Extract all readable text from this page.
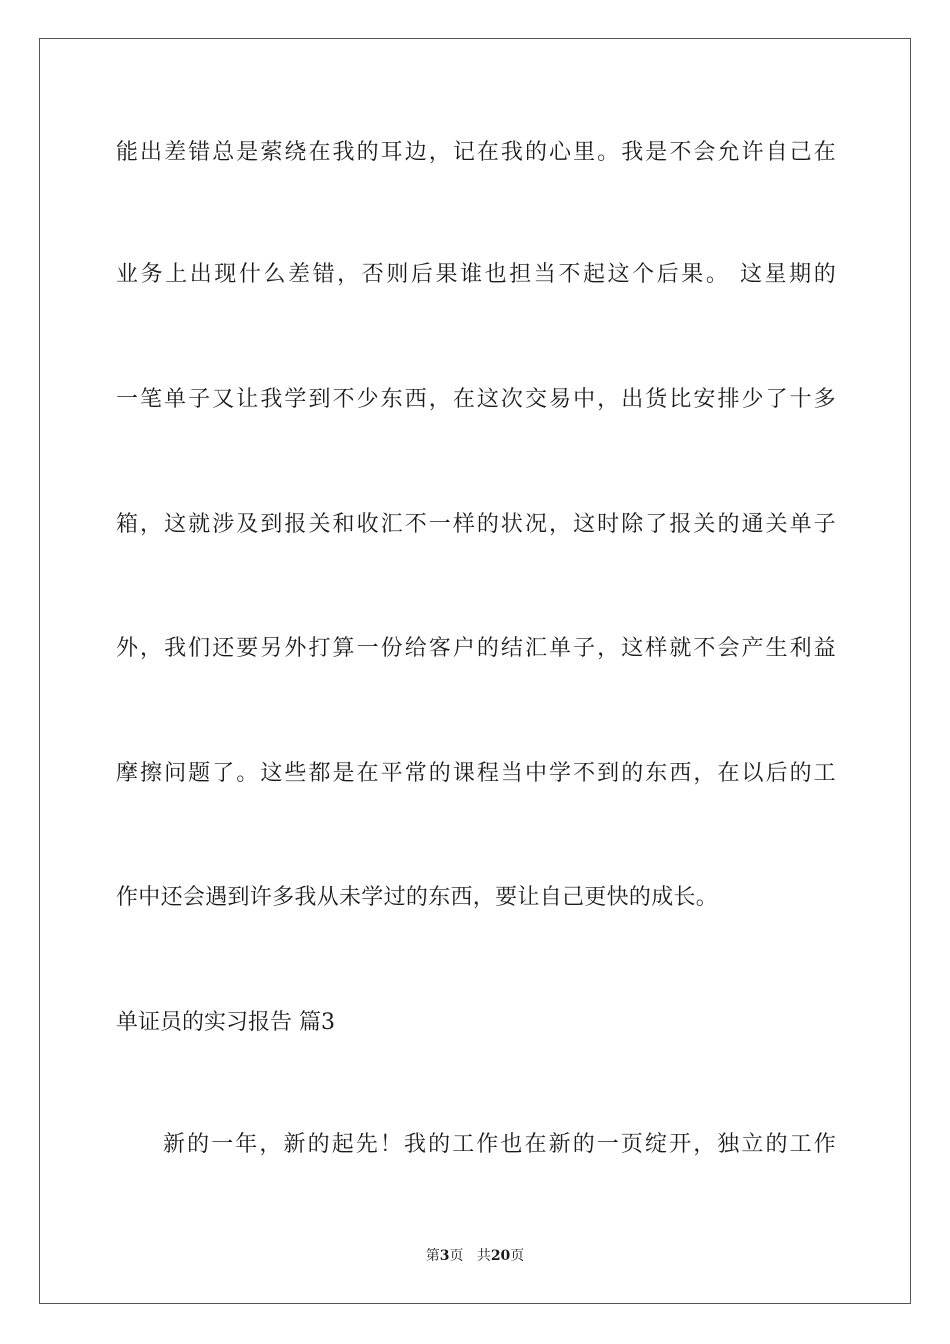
能出差错总是萦绕在我的耳边，记在我的心里。我是不会允许自己在
业务上出现什么差错，否则后果谁也担当不起这个后果。 这星期的
一笔单子又让我学到不少东西，在这次交易中，出货比安排少了十多
箱，这就涉及到报关和收汇不一样的状况，这时除了报关的通关单子
外，我们还要另外打算一份给客户的结汇单子，这样就不会产生利益
摩擦问题了。这些都是在平常的课程当中学不到的东西，在以后的工
作中还会遇到许多我从未学过的东西，要让自己更快的成长。
单证员的实习报告 篇3
新的一年，新的起先！我的工作也在新的一页绽开，独立的工作
第3页 共20页
